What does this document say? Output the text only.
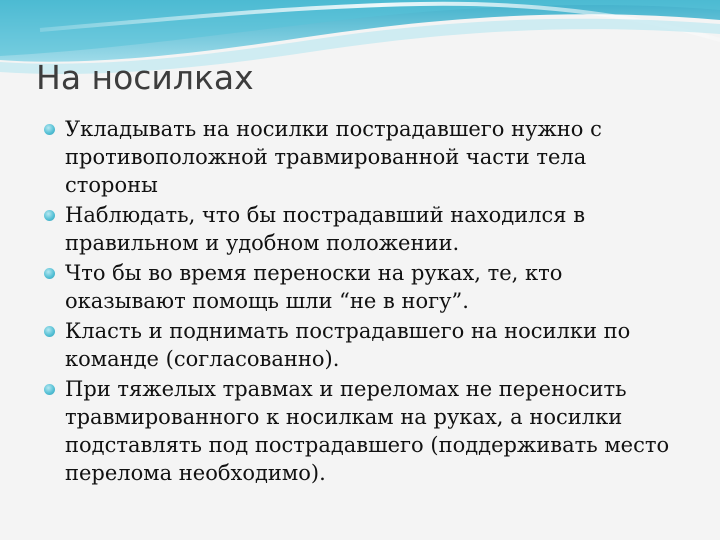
На носилках
Укладывать на носилки пострадавшего нужно с противоположной травмированной части тела стороны
Наблюдать, что бы пострадавший находился в правильном и удобном положении.
Что бы во время переноски на руках, те, кто оказывают помощь шли “не в ногу”.
Класть и поднимать пострадавшего на носилки по команде (согласованно).
При тяжелых травмах и переломах не переносить травмированного к носилкам на руках, а носилки подставлять под пострадавшего (поддерживать место перелома необходимо).
